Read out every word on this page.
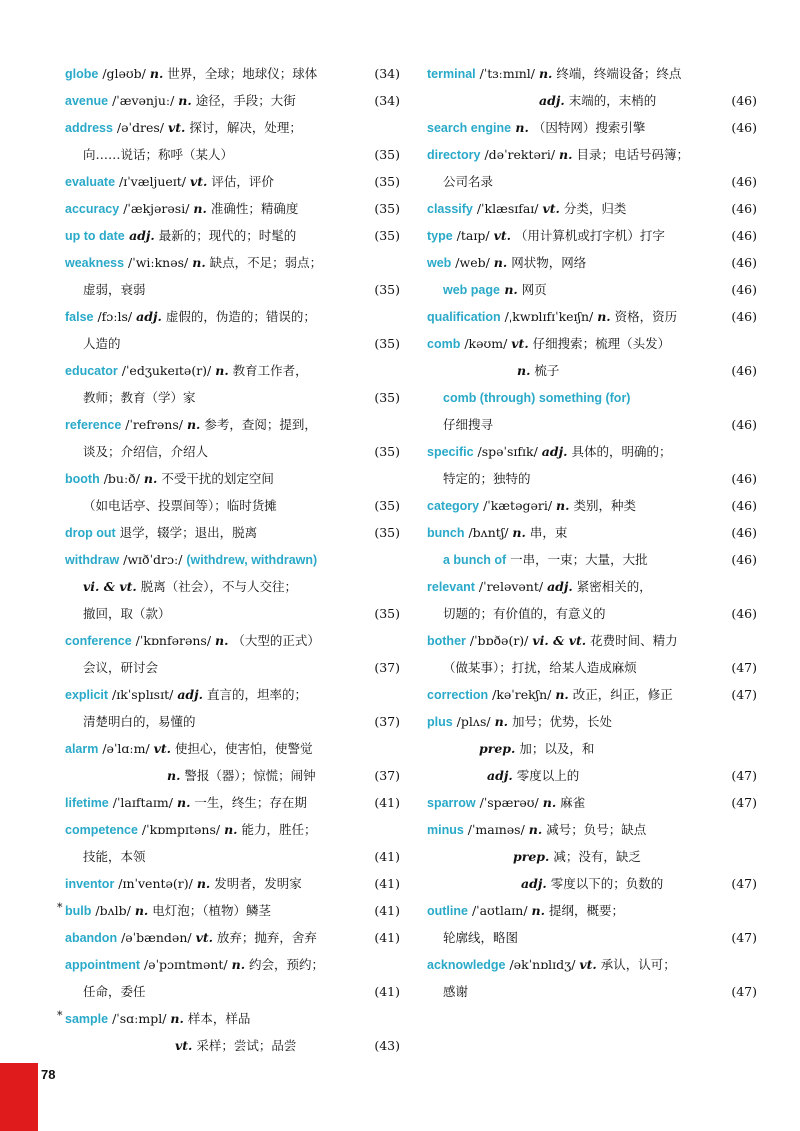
globe /gləʊb/ n. 世界，全球；地球仪；球体	(34)
avenue /ˈævənjuː/ n. 途径，手段；大街	(34)
address /əˈdres/ vt. 探讨，解决，处理；
向……说话；称呼（某人）	(35)
evaluate /ɪˈvæljueɪt/ vt. 评估，评价	(35)
accuracy /ˈækjərəsi/ n. 准确性；精确度	(35)
up to date adj. 最新的；现代的；时髦的	(35)
weakness /ˈwiːknəs/ n. 缺点，不足；弱点；
虚弱，衰弱	(35)
false /fɔːls/ adj. 虚假的，伪造的；错误的；
人造的	(35)
educator /ˈedʒukeɪtə(r)/ n. 教育工作者，
教师；教育（学）家	(35)
reference /ˈrefrəns/ n. 参考，查阅；提到，
谈及；介绍信，介绍人	(35)
booth /buːð/ n. 不受干扰的划定空间
（如电话亭、投票间等）；临时货摊	(35)
drop out 退学，辍学；退出，脱离	(35)
withdraw /wɪðˈdrɔː/ (withdrew, withdrawn)
vi. & vt. 脱离（社会），不与人交往；
撤回，取（款）	(35)
conference /ˈkɒnfərəns/ n. （大型的正式）
会议，研讨会	(37)
explicit /ɪkˈsplɪsɪt/ adj. 直言的，坦率的；
清楚明白的，易懂的	(37)
alarm /əˈlɑːm/ vt. 使担心，使害怕，使警觉
n. 警报（器）；惊慌；闹钟	(37)
lifetime /ˈlaɪftaɪm/ n. 一生，终生；存在期	(41)
competence /ˈkɒmpɪtəns/ n. 能力，胜任；
技能，本领	(41)
inventor /ɪnˈventə(r)/ n. 发明者，发明家	(41)
* bulb /bʌlb/ n. 电灯泡；（植物）鳞茎	(41)
abandon /əˈbændən/ vt. 放弃；抛弃，舍弃	(41)
appointment /əˈpɔɪntmənt/ n. 约会，预约；
任命，委任	(41)
* sample /ˈsɑːmpl/ n. 样本，样品
vt. 采样；尝试；品尝	(43)
terminal /ˈtɜːmɪnl/ n. 终端，终端设备；终点
adj. 末端的，末梢的	(46)
search engine n. （因特网）搜索引擎	(46)
directory /dəˈrektəri/ n. 目录；电话号码簿；
公司名录	(46)
classify /ˈklæsɪfaɪ/ vt. 分类，归类	(46)
type /taɪp/ vt. （用计算机或打字机）打字	(46)
web /web/ n. 网状物，网络	(46)
web page n. 网页	(46)
qualification /ˌkwɒlɪfɪˈkeɪʃn/ n. 资格，资历	(46)
comb /kəʊm/ vt. 仔细搜索；梳理（头发）
n. 梳子	(46)
comb (through) something (for)
仔细搜寻	(46)
specific /spəˈsɪfɪk/ adj. 具体的，明确的；
特定的；独特的	(46)
category /ˈkætəgəri/ n. 类别，种类	(46)
bunch /bʌntʃ/ n. 串，束	(46)
a bunch of 一串，一束；大量，大批	(46)
relevant /ˈreləvənt/ adj. 紧密相关的，
切题的；有价值的，有意义的	(46)
bother /ˈbɒðə(r)/ vi. & vt. 花费时间、精力
（做某事）；打扰，给某人造成麻烦	(47)
correction /kəˈrekʃn/ n. 改正，纠正，修正	(47)
plus /plʌs/ n. 加号；优势，长处
prep. 加；以及，和
adj. 零度以上的	(47)
sparrow /ˈspærəʊ/ n. 麻雀	(47)
minus /ˈmaɪnəs/ n. 减号；负号；缺点
prep. 减；没有，缺乏
adj. 零度以下的；负数的	(47)
outline /ˈaʊtlaɪn/ n. 提纲，概要；
轮廓线，略图	(47)
acknowledge /əkˈnɒlɪdʒ/ vt. 承认，认可；
感谢	(47)
78
